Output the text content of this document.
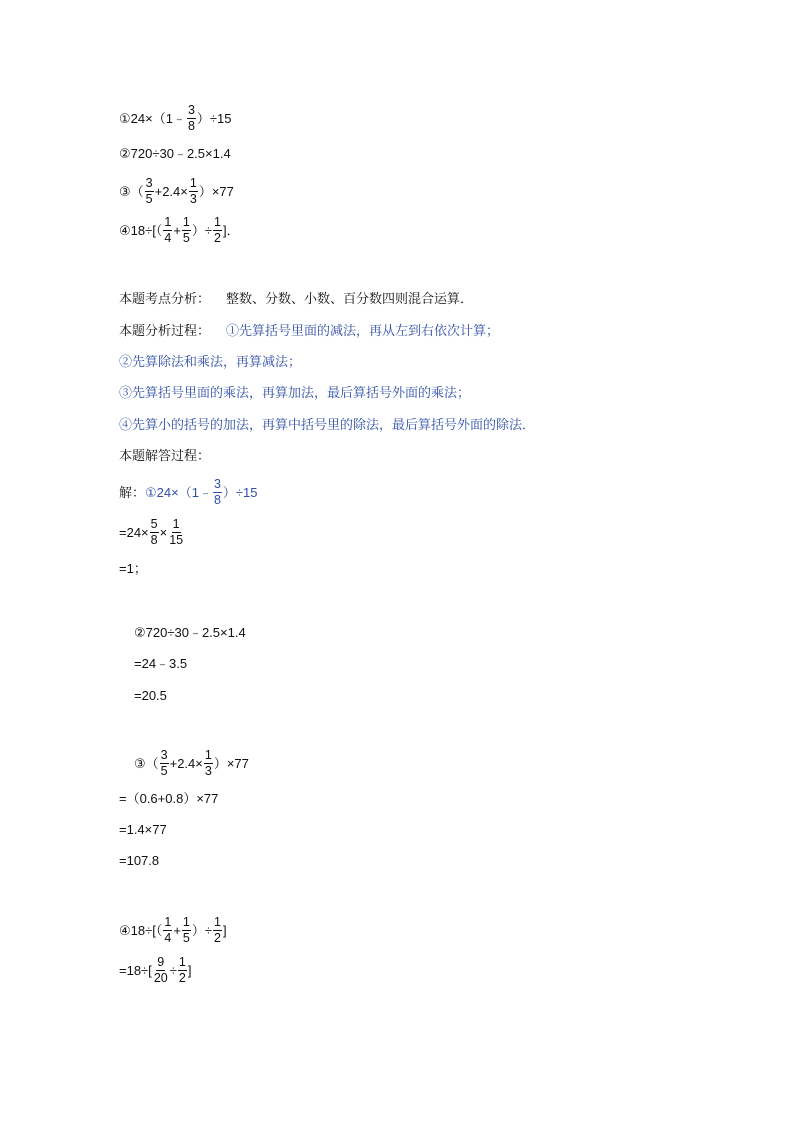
①24×（1﹣ $\frac{3}{8} )\div 15$
②720÷30﹣2.5×1.4
③（ $\frac{3}{5} +2.4\times \frac{1}{3} )\times 77$
④18÷[（ $\frac{1}{4} + \frac{1}{5}$ ）÷ $\frac{1}{2}$ ]．
本题考点分析： 整数、分数、小数、百分数四则混合运算．
本题分析过程： ①先算括号里面的减法，再从左到右依次计算；
②先算除法和乘法，再算减法；
③先算括号里面的乘法，再算加法，最后算括号外面的乘法；
④先算小的括号的加法，再算中括号里的除法，最后算括号外面的除法．
本题解答过程：
解： ①24×（1﹣ $\frac{3}{8} )\div 15$
$=24\times \frac{5}{8} \times \frac{1}{15}$
=1；
②720÷30﹣2.5×1.4
=24﹣3.5
=20.5
③（ $\frac{3}{5} +2.4\times \frac{1}{3} )\times 77$
=（0.6+0.8）×77
=1.4×77
=107.8
④18÷[（ $\frac{1}{4} + \frac{1}{5}$ ）÷ $\frac{1}{2}$ ]
$=18\div[ \frac{9}{20} \div \frac{1}{2}$ ]
